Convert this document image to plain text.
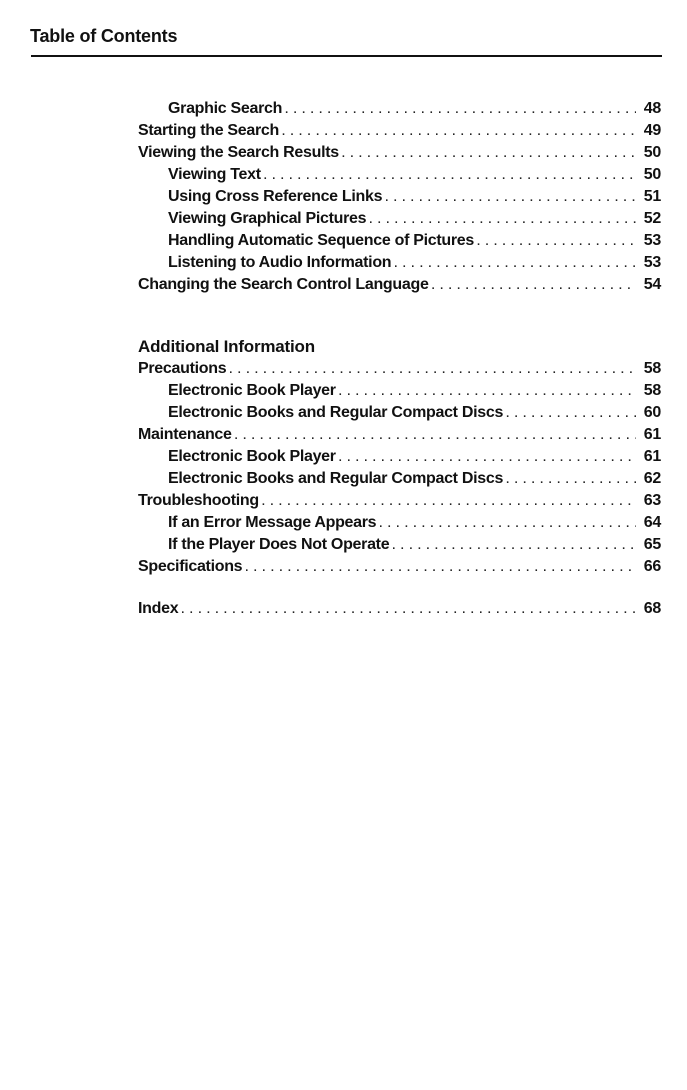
Table of Contents
Graphic Search . . .	48
Starting the Search . . .	49
Viewing the Search Results . . .	50
Viewing Text . . .	50
Using Cross Reference Links . . .	51
Viewing Graphical Pictures . . .	52
Handling Automatic Sequence of Pictures . . .	53
Listening to Audio Information . . .	53
Changing the Search Control Language . . .	54
Additional Information
Precautions . . .	58
Electronic Book Player . . .	58
Electronic Books and Regular Compact Discs . . .	60
Maintenance . . .	61
Electronic Book Player . . .	61
Electronic Books and Regular Compact Discs . . .	62
Troubleshooting . . .	63
If an Error Message Appears . . .	64
If the Player Does Not Operate . . .	65
Specifications . . .	66
Index . . .	68
